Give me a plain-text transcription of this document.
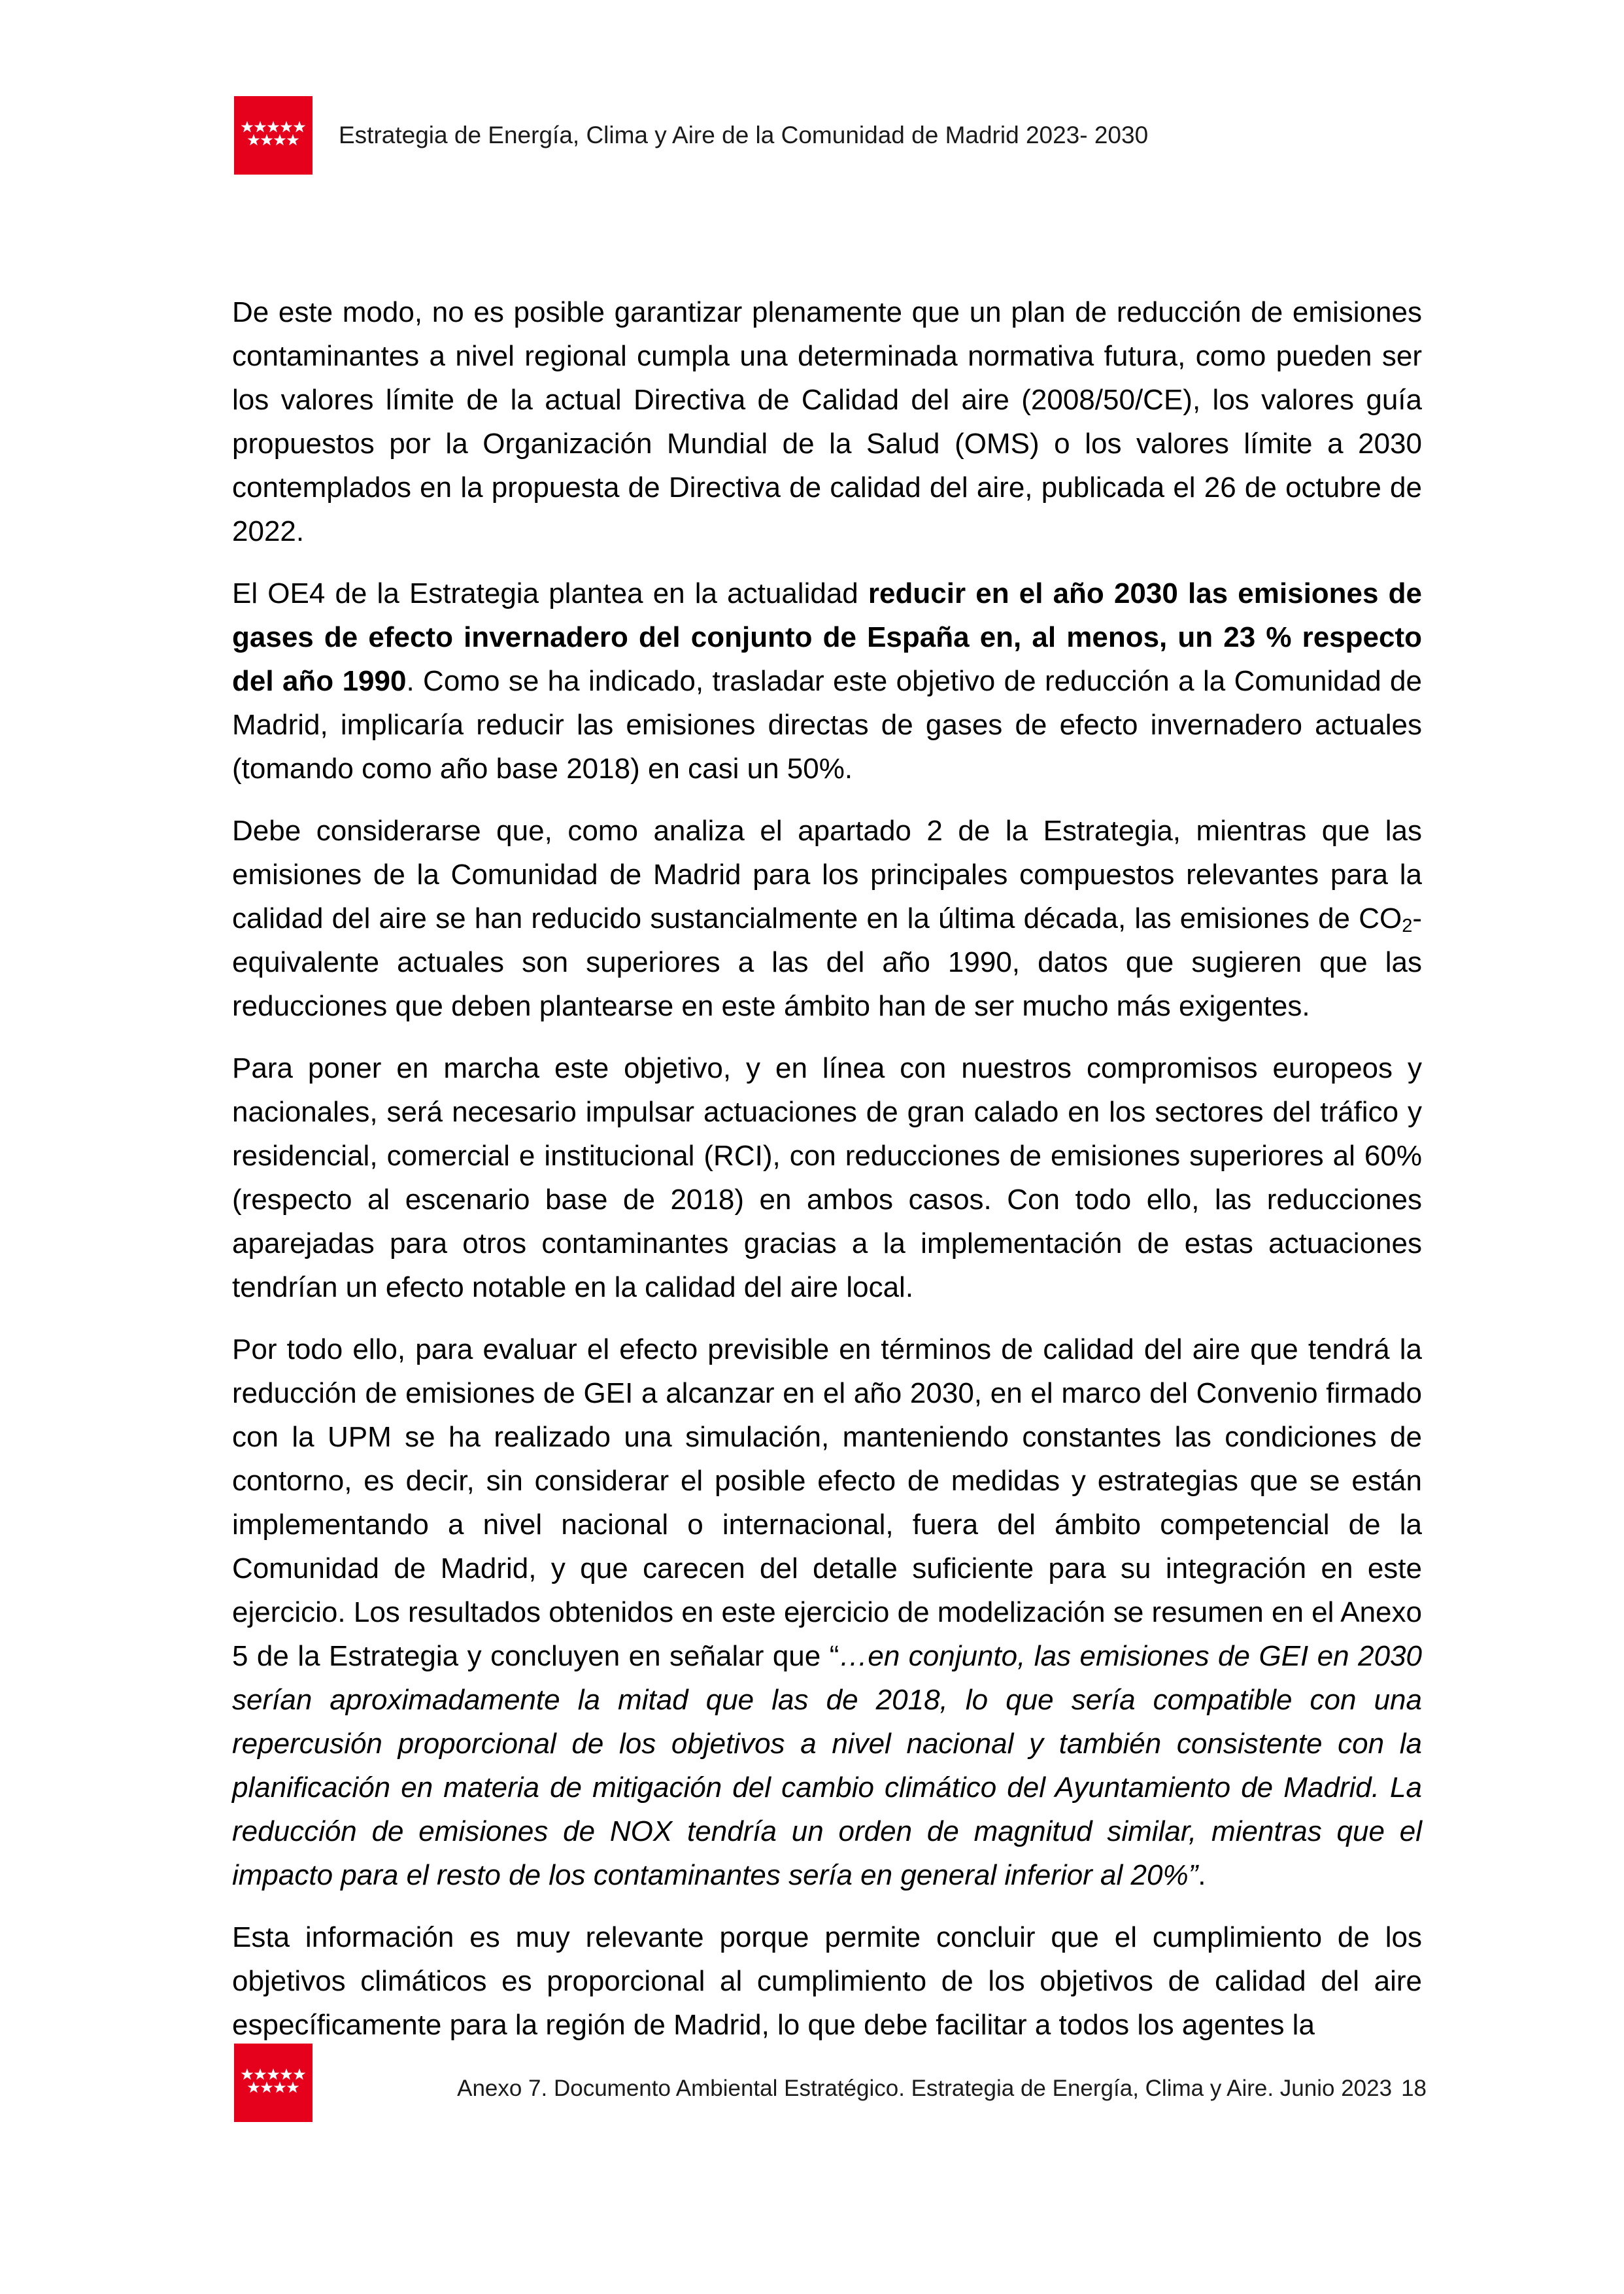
Estrategia de Energía, Clima y Aire de la Comunidad de Madrid 2023- 2030

De este modo, no es posible garantizar plenamente que un plan de reducción de emisiones contaminantes a nivel regional cumpla una determinada normativa futura, como pueden ser los valores límite de la actual Directiva de Calidad del aire (2008/50/CE), los valores guía propuestos por la Organización Mundial de la Salud (OMS) o los valores límite a 2030 contemplados en la propuesta de Directiva de calidad del aire, publicada el 26 de octubre de 2022.

El OE4 de la Estrategia plantea en la actualidad reducir en el año 2030 las emisiones de gases de efecto invernadero del conjunto de España en, al menos, un 23 % respecto del año 1990. Como se ha indicado, trasladar este objetivo de reducción a la Comunidad de Madrid, implicaría reducir las emisiones directas de gases de efecto invernadero actuales (tomando como año base 2018) en casi un 50%.

Debe considerarse que, como analiza el apartado 2 de la Estrategia, mientras que las emisiones de la Comunidad de Madrid para los principales compuestos relevantes para la calidad del aire se han reducido sustancialmente en la última década, las emisiones de $CO_2$-equivalente actuales son superiores a las del año 1990, datos que sugieren que las reducciones que deben plantearse en este ámbito han de ser mucho más exigentes.

Para poner en marcha este objetivo, y en línea con nuestros compromisos europeos y nacionales, será necesario impulsar actuaciones de gran calado en los sectores del tráfico y residencial, comercial e institucional (RCI), con reducciones de emisiones superiores al 60% (respecto al escenario base de 2018) en ambos casos. Con todo ello, las reducciones aparejadas para otros contaminantes gracias a la implementación de estas actuaciones tendrían un efecto notable en la calidad del aire local.

Por todo ello, para evaluar el efecto previsible en términos de calidad del aire que tendrá la reducción de emisiones de GEI a alcanzar en el año 2030, en el marco del Convenio firmado con la UPM se ha realizado una simulación, manteniendo constantes las condiciones de contorno, es decir, sin considerar el posible efecto de medidas y estrategias que se están implementando a nivel nacional o internacional, fuera del ámbito competencial de la Comunidad de Madrid, y que carecen del detalle suficiente para su integración en este ejercicio. Los resultados obtenidos en este ejercicio de modelización se resumen en el Anexo 5 de la Estrategia y concluyen en señalar que “…en conjunto, las emisiones de GEI en 2030 serían aproximadamente la mitad que las de 2018, lo que sería compatible con una repercusión proporcional de los objetivos a nivel nacional y también consistente con la planificación en materia de mitigación del cambio climático del Ayuntamiento de Madrid. La reducción de emisiones de NOX tendría un orden de magnitud similar, mientras que el impacto para el resto de los contaminantes sería en general inferior al 20%”.

Esta información es muy relevante porque permite concluir que el cumplimiento de los objetivos climáticos es proporcional al cumplimiento de los objetivos de calidad del aire específicamente para la región de Madrid, lo que debe facilitar a todos los agentes la

Anexo 7. Documento Ambiental Estratégico. Estrategia de Energía, Clima y Aire. Junio 2023 18
